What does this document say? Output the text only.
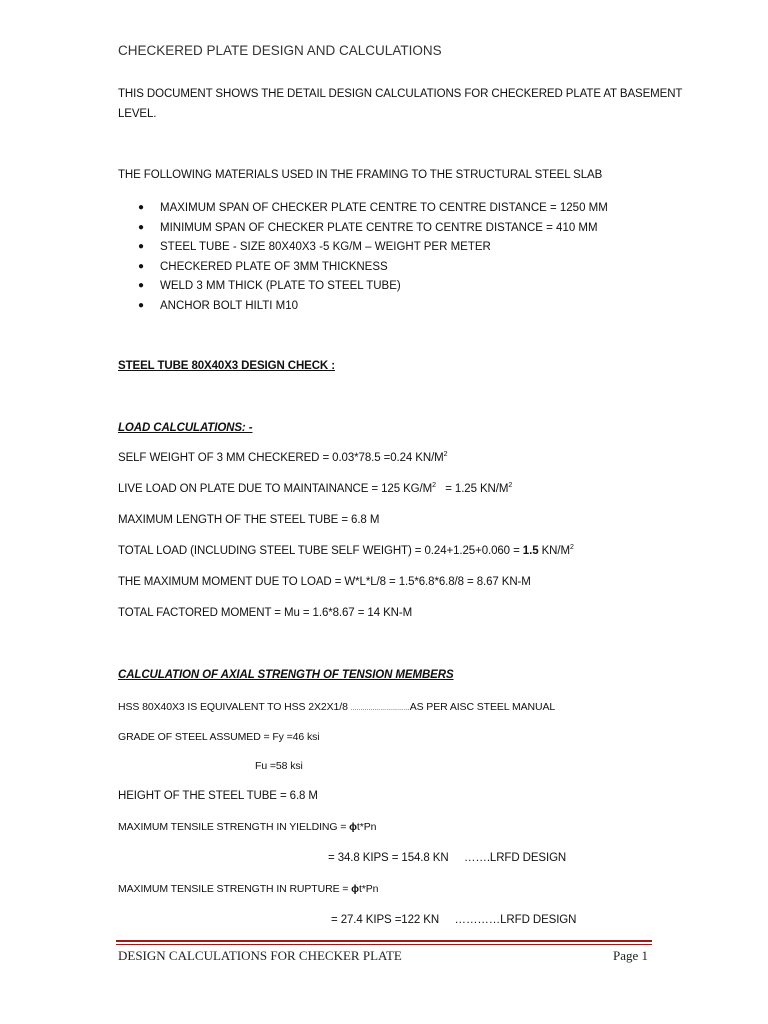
CHECKERED PLATE DESIGN AND CALCULATIONS
THIS DOCUMENT SHOWS THE DETAIL DESIGN CALCULATIONS FOR CHECKERED PLATE AT BASEMENT
LEVEL.
THE FOLLOWING MATERIALS USED IN THE FRAMING TO THE STRUCTURAL STEEL SLAB
● MAXIMUM SPAN OF CHECKER PLATE CENTRE TO CENTRE DISTANCE = 1250 MM
● MINIMUM SPAN OF CHECKER PLATE CENTRE TO CENTRE DISTANCE = 410 MM
● STEEL TUBE - SIZE 80X40X3 -5 KG/M – WEIGHT PER METER
● CHECKERED PLATE OF 3MM THICKNESS
● WELD 3 MM THICK (PLATE TO STEEL TUBE)
● ANCHOR BOLT HILTI M10
STEEL TUBE 80X40X3 DESIGN CHECK :
LOAD CALCULATIONS: -
SELF WEIGHT OF 3 MM CHECKERED = 0.03*78.5 =0.24 $KN/M^2$
LIVE LOAD ON PLATE DUE TO MAINTAINANCE = 125 $KG/M^2 = 1.25$ $KN/M^2$
MAXIMUM LENGTH OF THE STEEL TUBE = 6.8 M
TOTAL LOAD (INCLUDING STEEL TUBE SELF WEIGHT) = 0.24+1.25+0.060 = 1.5 $KN/M^2$
THE MAXIMUM MOMENT DUE TO LOAD = W*L*L/8 = 1.5*6.8*6.8/8 = 8.67 KN-M
TOTAL FACTORED MOMENT = Mu = 1.6*8.67 = 14 KN-M
CALCULATION OF AXIAL STRENGTH OF TENSION MEMBERS
HSS 80X40X3 IS EQUIVALENT TO HSS 2X2X1/8 …………………………AS PER AISC STEEL MANUAL
GRADE OF STEEL ASSUMED = Fy =46 ksi
Fu =58 ksi
HEIGHT OF THE STEEL TUBE = 6.8 M
MAXIMUM TENSILE STRENGTH IN YIELDING = ϕt*Pn
= 34.8 KIPS = 154.8 KN     …….LRFD DESIGN
MAXIMUM TENSILE STRENGTH IN RUPTURE = ϕt*Pn
= 27.4 KIPS =122 KN     …………LRFD DESIGN
DESIGN CALCULATIONS FOR CHECKER PLATE	Page 1
